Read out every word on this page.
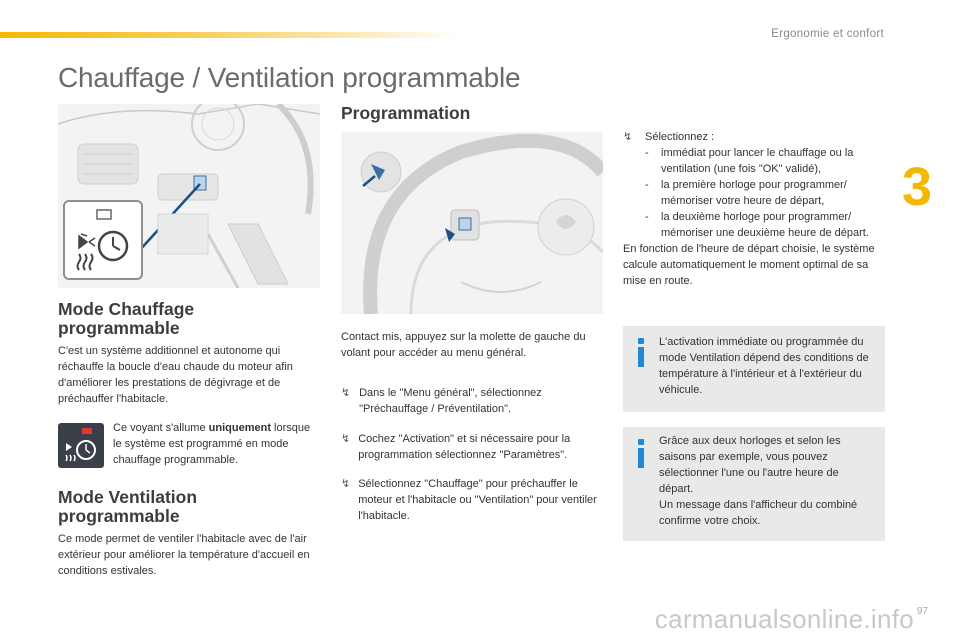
Ergonomie et confort
3
Chauffage / Ventilation programmable
Mode Chauffage
programmable

C'est un système additionnel et autonome qui réchauffe la boucle d'eau chaude du moteur afin d'améliorer les prestations de dégivrage et de préchauffer l'habitacle.

Ce voyant s'allume uniquement lorsque le système est programmé en mode chauffage programmable.

Mode Ventilation
programmable

Ce mode permet de ventiler l'habitacle avec de l'air extérieur pour améliorer la température d'accueil en conditions estivales.

Programmation

Contact mis, appuyez sur la molette de gauche du volant pour accéder au menu général.

↯ Dans le "Menu général", sélectionnez "Préchauffage / Préventilation".
↯ Cochez "Activation" et si nécessaire pour la programmation sélectionnez "Paramètres".
↯ Sélectionnez "Chauffage" pour préchauffer le moteur et l'habitacle ou "Ventilation" pour ventiler l'habitacle.
↯	Sélectionnez :
- immédiat pour lancer le chauffage ou la ventilation (une fois "OK" validé),
- la première horloge pour programmer/ mémoriser votre heure de départ,
- la deuxième horloge pour programmer/ mémoriser une deuxième heure de départ.

En fonction de l'heure de départ choisie, le système calcule automatiquement le moment optimal de sa mise en route.

L'activation immédiate ou programmée du mode Ventilation dépend des conditions de température à l'intérieur et à l'extérieur du véhicule.

Grâce aux deux horloges et selon les saisons par exemple, vous pouvez sélectionner l'une ou l'autre heure de départ.

Un message dans l'afficheur du combiné confirme votre choix.

97
carmanualsonline.info
